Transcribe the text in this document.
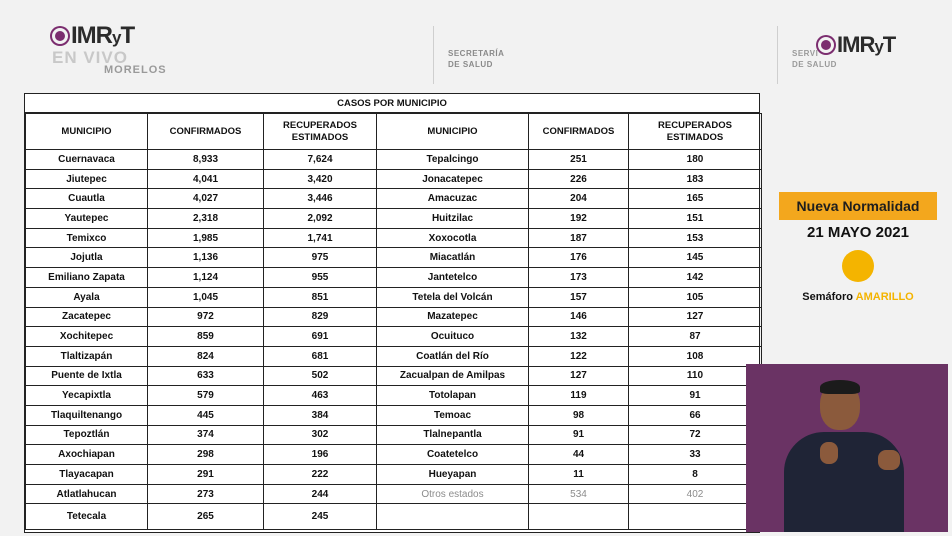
IMRyT
EN VIVO
MORELOS
SECRETARÍA
DE SALUD
SERVI
DE SALUD
IMRyT
CASOS POR MUNICIPIO
MUNICIPIO	CONFIRMADOS	RECUPERADOS ESTIMADOS	MUNICIPIO	CONFIRMADOS	RECUPERADOS ESTIMADOS
Cuernavaca	8,933	7,624	Tepalcingo	251	180
Jiutepec	4,041	3,420	Jonacatepec	226	183
Cuautla	4,027	3,446	Amacuzac	204	165
Yautepec	2,318	2,092	Huitzilac	192	151
Temixco	1,985	1,741	Xoxocotla	187	153
Jojutla	1,136	975	Miacatlán	176	145
Emiliano Zapata	1,124	955	Jantetelco	173	142
Ayala	1,045	851	Tetela del Volcán	157	105
Zacatepec	972	829	Mazatepec	146	127
Xochitepec	859	691	Ocuituco	132	87
Tlaltizapán	824	681	Coatlán del Río	122	108
Puente de Ixtla	633	502	Zacualpan de Amilpas	127	110
Yecapixtla	579	463	Totolapan	119	91
Tlaquiltenango	445	384	Temoac	98	66
Tepoztlán	374	302	Tlalnepantla	91	72
Axochiapan	298	196	Coatetelco	44	33
Tlayacapan	291	222	Hueyapan	11	8
Atlatlahucan	273	244	Otros estados	534	402
Tetecala	265	245			
Nueva Normalidad
21 MAYO 2021
Semáforo AMARILLO
